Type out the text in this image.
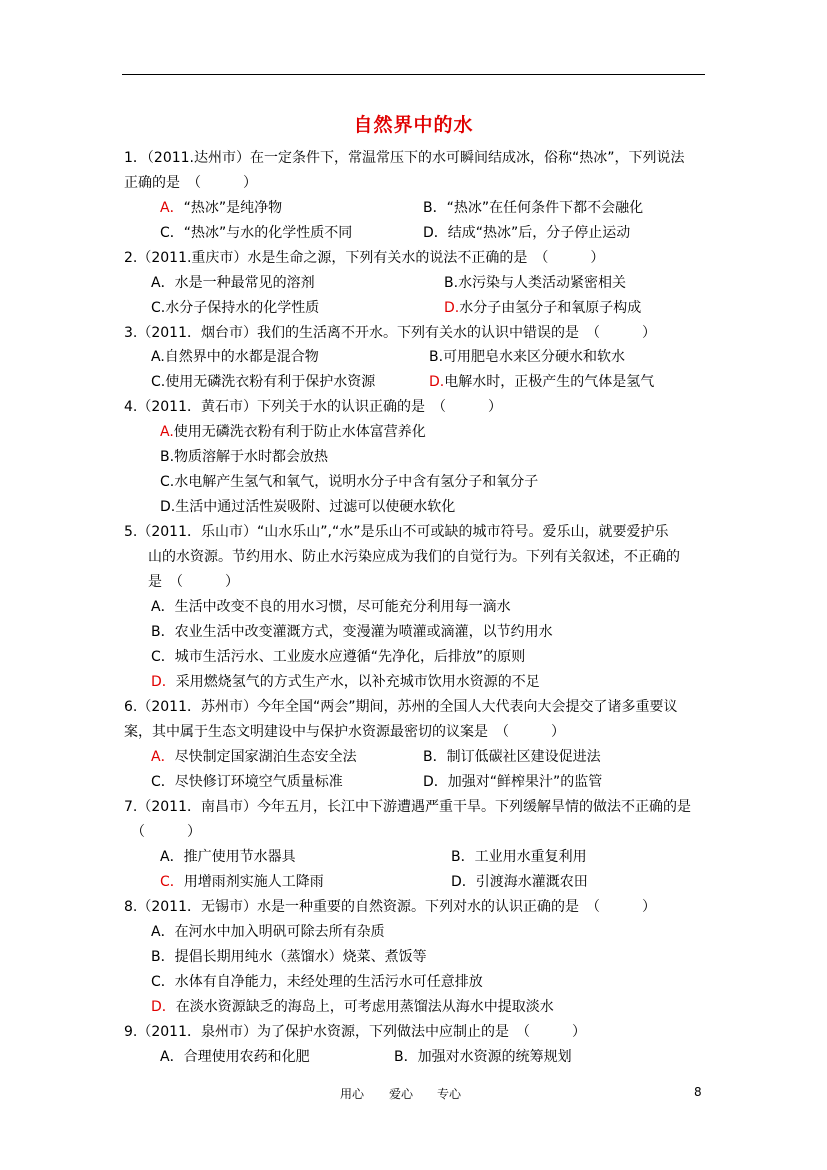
自然界中的水
1．（2011.达州市）在一定条件下，常温常压下的水可瞬间结成冰，俗称“热冰”，下列说法
正确的是　（　　　）
A．“热冰”是纯净物	B．“热冰”在任何条件下都不会融化
C．“热冰”与水的化学性质不同	D．结成“热冰”后，分子停止运动
2.（2011.重庆市）水是生命之源，下列有关水的说法不正确的是　（　　　）
A．水是一种最常见的溶剂	B.水污染与人类活动紧密相关
C.水分子保持水的化学性质	D.水分子由氢分子和氧原子构成
3.（2011．烟台市）我们的生活离不开水。下列有关水的认识中错误的是　（　　　）
A.自然界中的水都是混合物	B.可用肥皂水来区分硬水和软水
C.使用无磷洗衣粉有利于保护水资源	D.电解水时，正极产生的气体是氢气
4.（2011．黄石市）下列关于水的认识正确的是　（　　　）
A.使用无磷洗衣粉有利于防止水体富营养化
B.物质溶解于水时都会放热
C.水电解产生氢气和氧气，说明水分子中含有氢分子和氧分子
D.生活中通过活性炭吸附、过滤可以使硬水软化
5.（2011．乐山市）“山水乐山”,“水”是乐山不可或缺的城市符号。爱乐山，就要爱护乐
山的水资源。节约用水、防止水污染应成为我们的自觉行为。下列有关叙述，不正确的
是　（　　　）
A．生活中改变不良的用水习惯，尽可能充分利用每一滴水
B．农业生活中改变灌溉方式，变漫灌为喷灌或滴灌，以节约用水
C．城市生活污水、工业废水应遵循“先净化，后排放”的原则
D．采用燃烧氢气的方式生产水，以补充城市饮用水资源的不足
6.（2011．苏州市）今年全国“两会”期间，苏州的全国人大代表向大会提交了诸多重要议
案，其中属于生态文明建设中与保护水资源最密切的议案是　（　　　）
A．尽快制定国家湖泊生态安全法	B．制订低碳社区建设促进法
C．尽快修订环境空气质量标准	D．加强对“鲜榨果汁”的监管
7.（2011．南昌市）今年五月，长江中下游遭遇严重干旱。下列缓解旱情的做法不正确的是
（　　　）
A．推广使用节水器具	B．工业用水重复利用
C．用增雨剂实施人工降雨	D．引渡海水灌溉农田
8.（2011．无锡市）水是一种重要的自然资源。下列对水的认识正确的是　（　　　）
A．在河水中加入明矾可除去所有杂质
B．提倡长期用纯水（蒸馏水）烧菜、煮饭等
C．水体有自净能力，未经处理的生活污水可任意排放
D．在淡水资源缺乏的海岛上，可考虑用蒸馏法从海水中提取淡水
9.（2011．泉州市）为了保护水资源，下列做法中应制止的是　（　　　）
A．合理使用农药和化肥	B．加强对水资源的统筹规划
用心 爱心 专心	8
